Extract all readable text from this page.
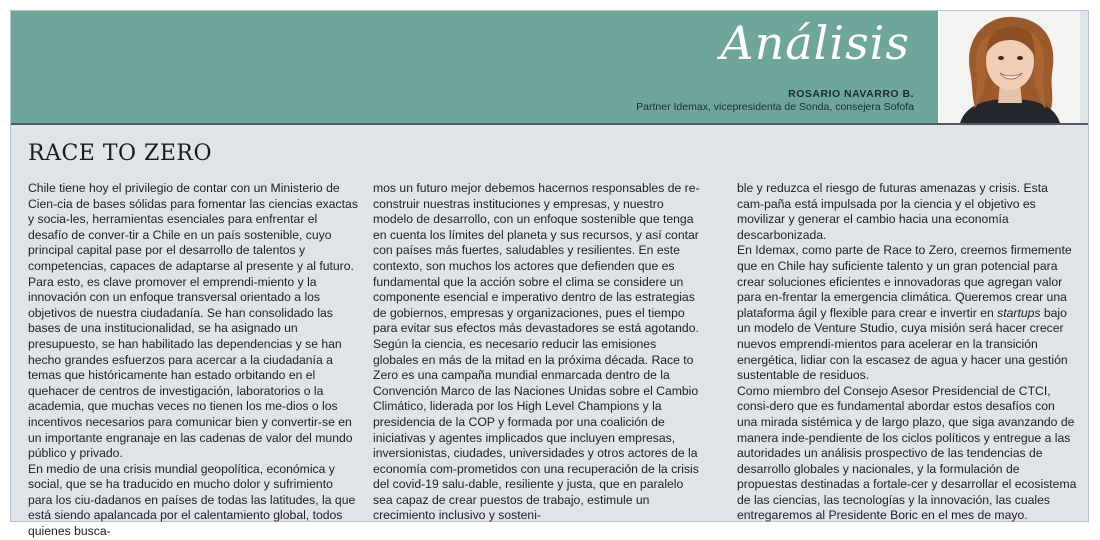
Análisis
ROSARIO NAVARRO B.
Partner Idemax, vicepresidenta de Sonda, consejera Sofofa
RACE TO ZERO

Chile tiene hoy el privilegio de contar con un Ministerio de Cien-cia de bases sólidas para fomentar las ciencias exactas y socia-les, herramientas esenciales para enfrentar el desafío de conver-tir a Chile en un país sostenible, cuyo principal capital pase por el desarrollo de talentos y competencias, capaces de adaptarse al presente y al futuro. Para esto, es clave promover el emprendi-miento y la innovación con un enfoque transversal orientado a los objetivos de nuestra ciudadanía. Se han consolidado las bases de una institucionalidad, se ha asignado un presupuesto, se han habilitado las dependencias y se han hecho grandes esfuerzos para acercar a la ciudadanía a temas que históricamente han estado orbitando en el quehacer de centros de investigación, laboratorios o la academia, que muchas veces no tienen los me-dios o los incentivos necesarios para comunicar bien y convertir-se en un importante engranaje en las cadenas de valor del mundo público y privado.

En medio de una crisis mundial geopolítica, económica y social, que se ha traducido en mucho dolor y sufrimiento para los ciu-dadanos en países de todas las latitudes, la que está siendo apalancada por el calentamiento global, todos quienes busca-

mos un futuro mejor debemos hacernos responsables de re-construir nuestras instituciones y empresas, y nuestro modelo de desarrollo, con un enfoque sostenible que tenga en cuenta los límites del planeta y sus recursos, y así contar con países más fuertes, saludables y resilientes. En este contexto, son muchos los actores que defienden que es fundamental que la acción sobre el clima se considere un componente esencial e imperativo dentro de las estrategias de gobiernos, empresas y organizaciones, pues el tiempo para evitar sus efectos más devastadores se está agotando. Según la ciencia, es necesario reducir las emisiones globales en más de la mitad en la próxima década. Race to Zero es una campaña mundial enmarcada dentro de la Convención Marco de las Naciones Unidas sobre el Cambio Climático, liderada por los High Level Champions y la presidencia de la COP y formada por una coalición de iniciativas y agentes implicados que incluyen empresas, inversionistas, ciudades, universidades y otros actores de la economía com-prometidos con una recuperación de la crisis del covid-19 salu-dable, resiliente y justa, que en paralelo sea capaz de crear puestos de trabajo, estimule un crecimiento inclusivo y sosteni-

ble y reduzca el riesgo de futuras amenazas y crisis. Esta cam-paña está impulsada por la ciencia y el objetivo es movilizar y generar el cambio hacia una economía descarbonizada.

En Idemax, como parte de Race to Zero, creemos firmemente que en Chile hay suficiente talento y un gran potencial para crear soluciones eficientes e innovadoras que agregan valor para en-frentar la emergencia climática. Queremos crear una plataforma ágil y flexible para crear e invertir en startups bajo un modelo de Venture Studio, cuya misión será hacer crecer nuevos emprendi-mientos para acelerar en la transición energética, lidiar con la escasez de agua y hacer una gestión sustentable de residuos.

Como miembro del Consejo Asesor Presidencial de CTCI, consi-dero que es fundamental abordar estos desafíos con una mirada sistémica y de largo plazo, que siga avanzando de manera inde-pendiente de los ciclos políticos y entregue a las autoridades un análisis prospectivo de las tendencias de desarrollo globales y nacionales, y la formulación de propuestas destinadas a fortale-cer y desarrollar el ecosistema de las ciencias, las tecnologías y la innovación, las cuales entregaremos al Presidente Boric en el mes de mayo.
